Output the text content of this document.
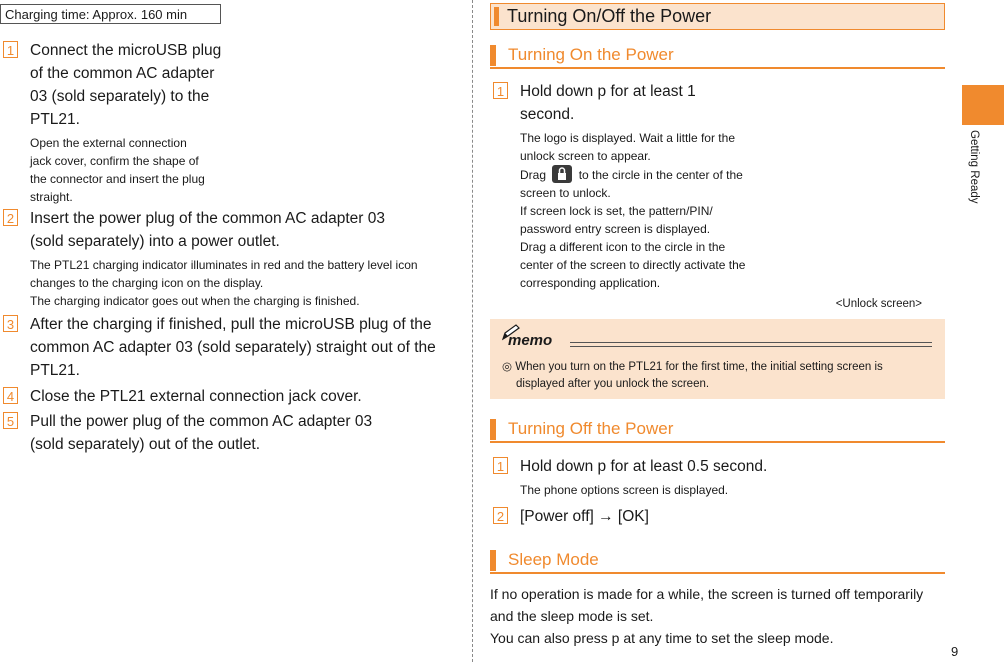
Charging time: Approx. 160 min
1 Connect the microUSB plug
of the common AC adapter
03 (sold separately) to the
PTL21.
Open the external connection
jack cover, confirm the shape of
the connector and insert the plug
straight.
2 Insert the power plug of the common AC adapter 03
(sold separately) into a power outlet.
The PTL21 charging indicator illuminates in red and the battery level icon
changes to the charging icon on the display.
The charging indicator goes out when the charging is finished.
3 After the charging if finished, pull the microUSB plug of the
common AC adapter 03 (sold separately) straight out of the
PTL21.
4 Close the PTL21 external connection jack cover.
5 Pull the power plug of the common AC adapter 03
(sold separately) out of the outlet.
Turning On/Off the Power
Turning On the Power
1 Hold down p for at least 1
second.
The logo is displayed. Wait a little for the
unlock screen to appear.
Drag	to the circle in the center of the
screen to unlock.
If screen lock is set, the pattern/PIN/
password entry screen is displayed.
Drag a different icon to the circle in the
center of the screen to directly activate the
corresponding application.
<Unlock screen>
memo
◎ When you turn on the PTL21 for the first time, the initial setting screen is
displayed after you unlock the screen.
Turning Off the Power
1 Hold down p for at least 0.5 second.
The phone options screen is displayed.
2 [Power off] → [OK]
Sleep Mode
If no operation is made for a while, the screen is turned off temporarily
and the sleep mode is set.
You can also press p at any time to set the sleep mode.
Getting Ready
9
